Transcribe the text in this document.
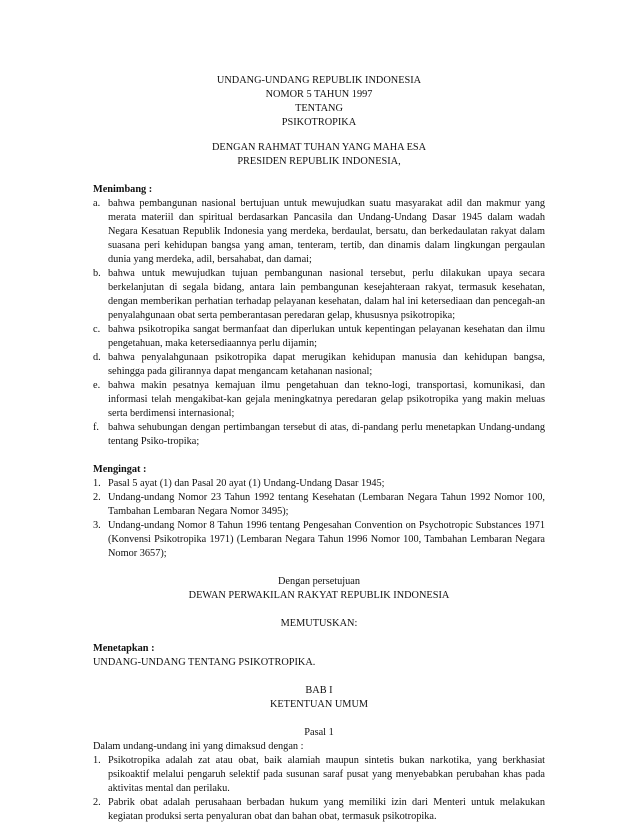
UNDANG-UNDANG REPUBLIK INDONESIA
NOMOR 5 TAHUN 1997
TENTANG
PSIKOTROPIKA
DENGAN RAHMAT TUHAN YANG MAHA ESA
PRESIDEN REPUBLIK INDONESIA,
Menimbang :
a. bahwa pembangunan nasional bertujuan untuk mewujudkan suatu masyarakat adil dan makmur yang merata materiil dan spiritual berdasarkan Pancasila dan Undang-Undang Dasar 1945 dalam wadah Negara Kesatuan Republik Indonesia yang merdeka, berdaulat, bersatu, dan berkedaulatan rakyat dalam suasana peri kehidupan bangsa yang aman, tenteram, tertib, dan dinamis dalam lingkungan pergaulan dunia yang merdeka, adil, bersahabat, dan damai;
b. bahwa untuk mewujudkan tujuan pembangunan nasional tersebut, perlu dilakukan upaya secara berkelanjutan di segala bidang, antara lain pembangunan kesejahteraan rakyat, termasuk kesehatan, dengan memberikan perhatian terhadap pelayanan kesehatan, dalam hal ini ketersediaan dan pencegah-an penyalahgunaan obat serta pemberantasan peredaran gelap, khususnya psikotropika;
c. bahwa psikotropika sangat bermanfaat dan diperlukan untuk kepentingan pelayanan kesehatan dan ilmu pengetahuan, maka ketersediaannya perlu dijamin;
d. bahwa penyalahgunaan psikotropika dapat merugikan kehidupan manusia dan kehidupan bangsa, sehingga pada gilirannya dapat mengancam ketahanan nasional;
e. bahwa makin pesatnya kemajuan ilmu pengetahuan dan tekno-logi, transportasi, komunikasi, dan informasi telah mengakibat-kan gejala meningkatnya peredaran gelap psikotropika yang makin meluas serta berdimensi internasional;
f. bahwa sehubungan dengan pertimbangan tersebut di atas, di-pandang perlu menetapkan Undang-undang tentang Psiko-tropika;
Mengingat :
1. Pasal 5 ayat (1) dan Pasal 20 ayat (1) Undang-Undang Dasar 1945;
2. Undang-undang Nomor 23 Tahun 1992 tentang Kesehatan (Lembaran Negara Tahun 1992 Nomor 100, Tambahan Lembaran Negara Nomor 3495);
3. Undang-undang Nomor 8 Tahun 1996 tentang Pengesahan Convention on Psychotropic Substances 1971 (Konvensi Psikotropika 1971) (Lembaran Negara Tahun 1996 Nomor 100, Tambahan Lembaran Negara Nomor 3657);
Dengan persetujuan
DEWAN PERWAKILAN RAKYAT REPUBLIK INDONESIA
MEMUTUSKAN:
Menetapkan :
UNDANG-UNDANG TENTANG PSIKOTROPIKA.
BAB I
KETENTUAN UMUM
Pasal 1
Dalam undang-undang ini yang dimaksud dengan :
1. Psikotropika adalah zat atau obat, baik alamiah maupun sintetis bukan narkotika, yang berkhasiat psikoaktif melalui pengaruh selektif pada susunan saraf pusat yang menyebabkan perubahan khas pada aktivitas mental dan perilaku.
2. Pabrik obat adalah perusahaan berbadan hukum yang memiliki izin dari Menteri untuk melakukan kegiatan produksi serta penyaluran obat dan bahan obat, termasuk psikotropika.
